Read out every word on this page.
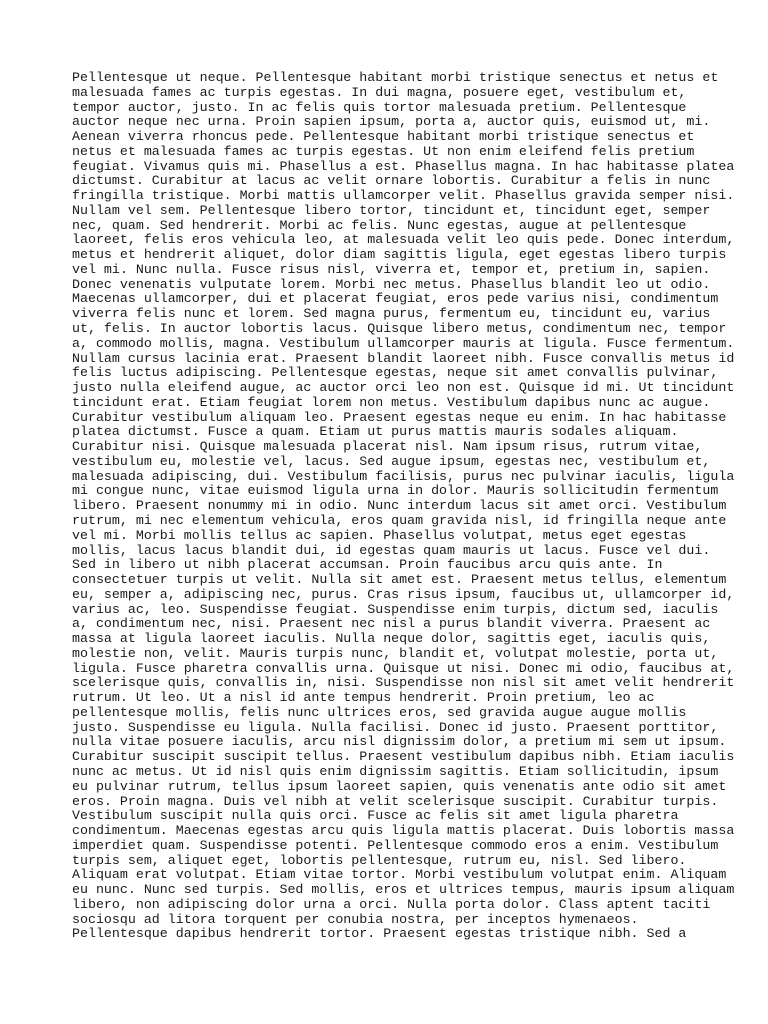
Pellentesque ut neque. Pellentesque habitant morbi tristique senectus et netus et
malesuada fames ac turpis egestas. In dui magna, posuere eget, vestibulum et,
tempor auctor, justo. In ac felis quis tortor malesuada pretium. Pellentesque
auctor neque nec urna. Proin sapien ipsum, porta a, auctor quis, euismod ut, mi.
Aenean viverra rhoncus pede. Pellentesque habitant morbi tristique senectus et
netus et malesuada fames ac turpis egestas. Ut non enim eleifend felis pretium
feugiat. Vivamus quis mi. Phasellus a est. Phasellus magna. In hac habitasse platea
dictumst. Curabitur at lacus ac velit ornare lobortis. Curabitur a felis in nunc
fringilla tristique. Morbi mattis ullamcorper velit. Phasellus gravida semper nisi.
Nullam vel sem. Pellentesque libero tortor, tincidunt et, tincidunt eget, semper
nec, quam. Sed hendrerit. Morbi ac felis. Nunc egestas, augue at pellentesque
laoreet, felis eros vehicula leo, at malesuada velit leo quis pede. Donec interdum,
metus et hendrerit aliquet, dolor diam sagittis ligula, eget egestas libero turpis
vel mi. Nunc nulla. Fusce risus nisl, viverra et, tempor et, pretium in, sapien.
Donec venenatis vulputate lorem. Morbi nec metus. Phasellus blandit leo ut odio.
Maecenas ullamcorper, dui et placerat feugiat, eros pede varius nisi, condimentum
viverra felis nunc et lorem. Sed magna purus, fermentum eu, tincidunt eu, varius
ut, felis. In auctor lobortis lacus. Quisque libero metus, condimentum nec, tempor
a, commodo mollis, magna. Vestibulum ullamcorper mauris at ligula. Fusce fermentum.
Nullam cursus lacinia erat. Praesent blandit laoreet nibh. Fusce convallis metus id
felis luctus adipiscing. Pellentesque egestas, neque sit amet convallis pulvinar,
justo nulla eleifend augue, ac auctor orci leo non est. Quisque id mi. Ut tincidunt
tincidunt erat. Etiam feugiat lorem non metus. Vestibulum dapibus nunc ac augue.
Curabitur vestibulum aliquam leo. Praesent egestas neque eu enim. In hac habitasse
platea dictumst. Fusce a quam. Etiam ut purus mattis mauris sodales aliquam.
Curabitur nisi. Quisque malesuada placerat nisl. Nam ipsum risus, rutrum vitae,
vestibulum eu, molestie vel, lacus. Sed augue ipsum, egestas nec, vestibulum et,
malesuada adipiscing, dui. Vestibulum facilisis, purus nec pulvinar iaculis, ligula
mi congue nunc, vitae euismod ligula urna in dolor. Mauris sollicitudin fermentum
libero. Praesent nonummy mi in odio. Nunc interdum lacus sit amet orci. Vestibulum
rutrum, mi nec elementum vehicula, eros quam gravida nisl, id fringilla neque ante
vel mi. Morbi mollis tellus ac sapien. Phasellus volutpat, metus eget egestas
mollis, lacus lacus blandit dui, id egestas quam mauris ut lacus. Fusce vel dui.
Sed in libero ut nibh placerat accumsan. Proin faucibus arcu quis ante. In
consectetuer turpis ut velit. Nulla sit amet est. Praesent metus tellus, elementum
eu, semper a, adipiscing nec, purus. Cras risus ipsum, faucibus ut, ullamcorper id,
varius ac, leo. Suspendisse feugiat. Suspendisse enim turpis, dictum sed, iaculis
a, condimentum nec, nisi. Praesent nec nisl a purus blandit viverra. Praesent ac
massa at ligula laoreet iaculis. Nulla neque dolor, sagittis eget, iaculis quis,
molestie non, velit. Mauris turpis nunc, blandit et, volutpat molestie, porta ut,
ligula. Fusce pharetra convallis urna. Quisque ut nisi. Donec mi odio, faucibus at,
scelerisque quis, convallis in, nisi. Suspendisse non nisl sit amet velit hendrerit
rutrum. Ut leo. Ut a nisl id ante tempus hendrerit. Proin pretium, leo ac
pellentesque mollis, felis nunc ultrices eros, sed gravida augue augue mollis
justo. Suspendisse eu ligula. Nulla facilisi. Donec id justo. Praesent porttitor,
nulla vitae posuere iaculis, arcu nisl dignissim dolor, a pretium mi sem ut ipsum.
Curabitur suscipit suscipit tellus. Praesent vestibulum dapibus nibh. Etiam iaculis
nunc ac metus. Ut id nisl quis enim dignissim sagittis. Etiam sollicitudin, ipsum
eu pulvinar rutrum, tellus ipsum laoreet sapien, quis venenatis ante odio sit amet
eros. Proin magna. Duis vel nibh at velit scelerisque suscipit. Curabitur turpis.
Vestibulum suscipit nulla quis orci. Fusce ac felis sit amet ligula pharetra
condimentum. Maecenas egestas arcu quis ligula mattis placerat. Duis lobortis massa
imperdiet quam. Suspendisse potenti. Pellentesque commodo eros a enim. Vestibulum
turpis sem, aliquet eget, lobortis pellentesque, rutrum eu, nisl. Sed libero.
Aliquam erat volutpat. Etiam vitae tortor. Morbi vestibulum volutpat enim. Aliquam
eu nunc. Nunc sed turpis. Sed mollis, eros et ultrices tempus, mauris ipsum aliquam
libero, non adipiscing dolor urna a orci. Nulla porta dolor. Class aptent taciti
sociosqu ad litora torquent per conubia nostra, per inceptos hymenaeos.
Pellentesque dapibus hendrerit tortor. Praesent egestas tristique nibh. Sed a
